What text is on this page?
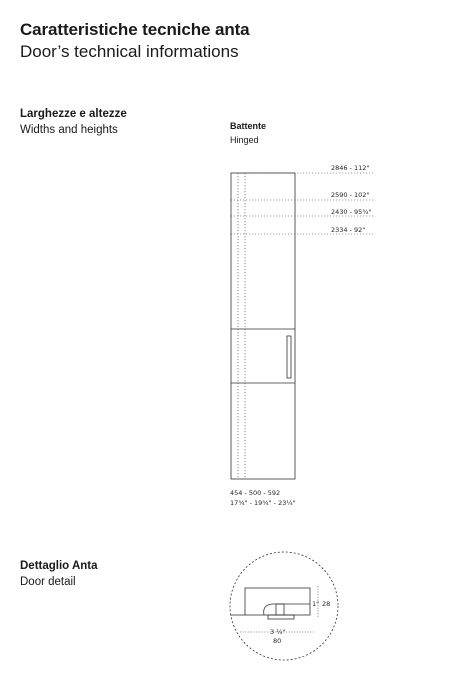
Caratteristiche tecniche anta
Door’s technical informations
Larghezze e altezze
Widths and heights	Battente
Hinged
2846 - 112"
2590 - 102"
2430 - 95¾"
2334 - 92"
454 - 500 - 592
17¾" - 19¾" - 23¼"
Dettaglio Anta
Door detail
1" 28
3 ¼"
80
